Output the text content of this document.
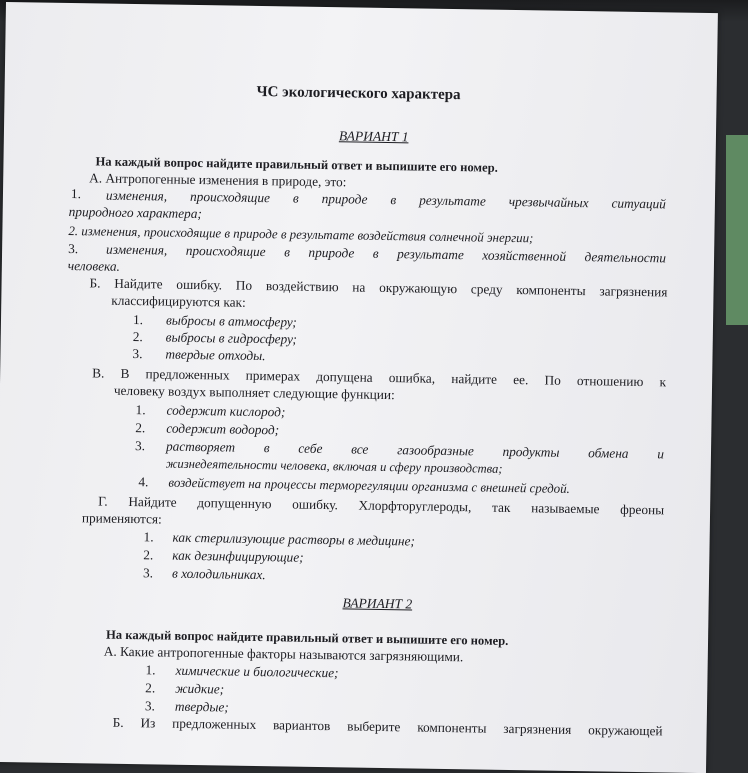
ЧС экологического характера
ВАРИАНТ 1
На каждый вопрос найдите правильный ответ и выпишите его номер.
А. Антропогенные изменения в природе, это:
1. изменения, происходящие в природе в результате чрезвычайных ситуаций
природного характера;
2. изменения, происходящие в природе в результате воздействия солнечной энергии;
3. изменения, происходящие в природе в результате хозяйственной деятельности
человека.
Б. Найдите ошибку. По воздействию на окружающую среду компоненты загрязнения
классифицируются как:
1. выбросы в атмосферу;
2. выбросы в гидросферу;
3. твердые отходы.
В. В предложенных примерах допущена ошибка, найдите ее. По отношению к
человеку воздух выполняет следующие функции:
1. содержит кислород;
2. содержит водород;
3. растворяет в себе все газообразные продукты обмена и
жизнедеятельности человека, включая и сферу производства;
4. воздействует на процессы терморегуляции организма с внешней средой.
Г. Найдите допущенную ошибку. Хлорфторуглероды, так называемые фреоны
применяются:
1. как стерилизующие растворы в медицине;
2. как дезинфицирующие;
3. в холодильниках.
ВАРИАНТ 2
На каждый вопрос найдите правильный ответ и выпишите его номер.
А. Какие антропогенные факторы называются загрязняющими.
1. химические и биологические;
2. жидкие;
3. твердые;
Б. Из предложенных вариантов выберите компоненты загрязнения окружающей
